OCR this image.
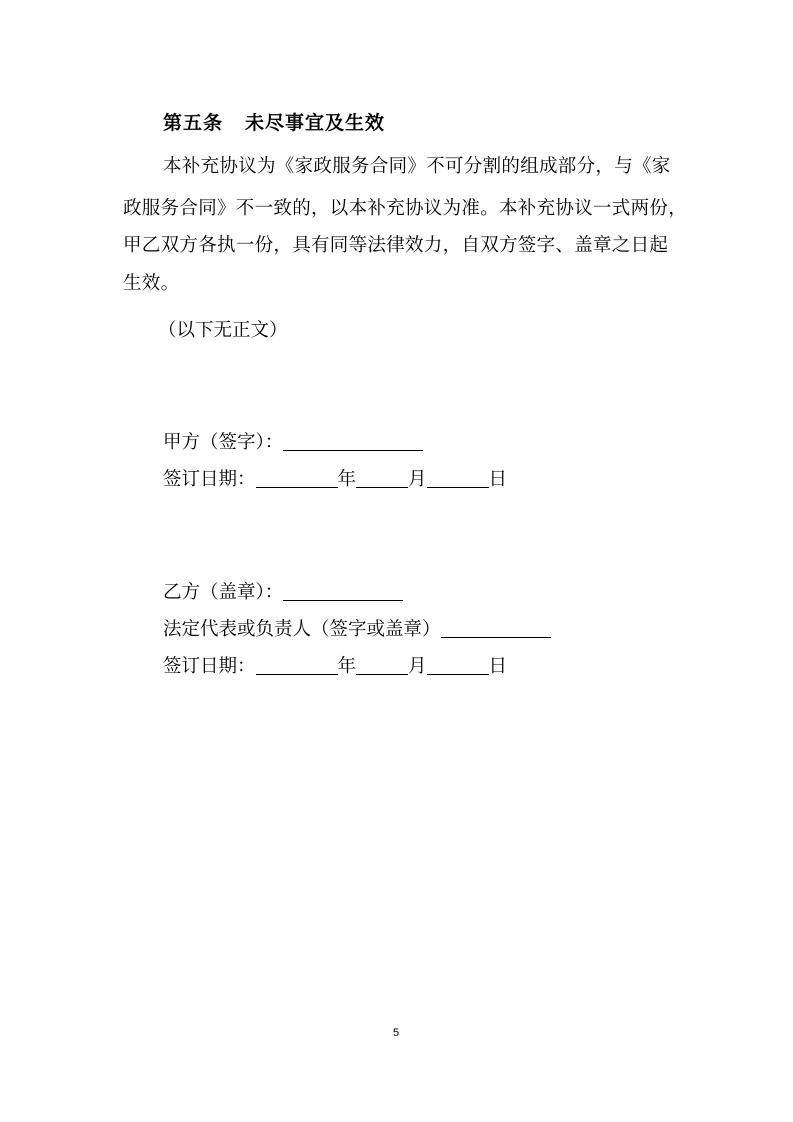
第五条 未尽事宜及生效
本补充协议为《家政服务合同》不可分割的组成部分，与《家
政服务合同》不一致的，以本补充协议为准。本补充协议一式两份，
甲乙双方各执一份，具有同等法律效力，自双方签字、盖章之日起
生效。
（以下无正文）
甲方（签字）：
签订日期：	年	月	日
乙方（盖章）：
法定代表或负责人（签字或盖章）
签订日期：	年	月	日
5
